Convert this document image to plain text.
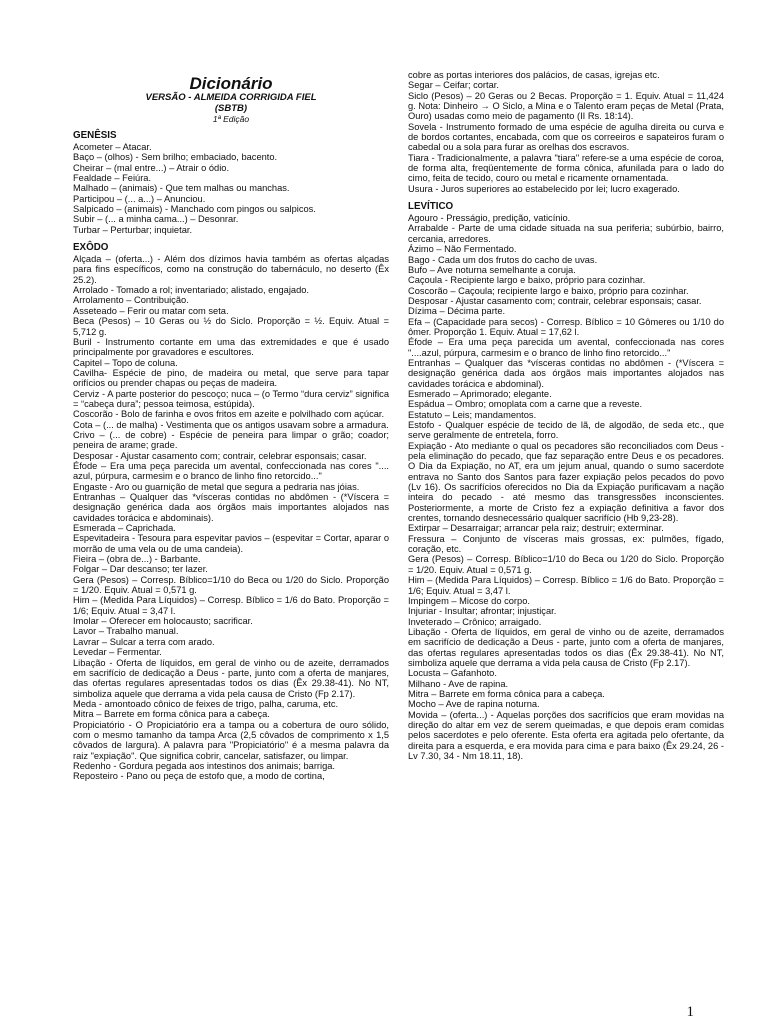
Dicionário
VERSÃO - ALMEIDA CORRIGIDA FIEL
(SBTB)
1ª Edição
GENÊSIS
Acometer – Atacar.
Baço – (olhos) - Sem brilho; embaciado, bacento.
Cheirar – (mal entre...) – Atrair o ódio.
Fealdade – Feiúra.
Malhado – (animais) - Que tem malhas ou manchas.
Participou – (... a...) – Anunciou.
Salpicado – (animais) - Manchado com pingos ou salpicos.
Subir – (... a minha cama...) – Desonrar.
Turbar – Perturbar; inquietar.
EXÔDO
Alçada – (oferta...) - Além dos dízimos havia também as ofertas alçadas para fins específicos, como na construção do tabernáculo, no deserto (Êx 25.2).
Arrolado - Tomado a rol; inventariado; alistado, engajado.
Arrolamento – Contribuição.
Asseteado – Ferir ou matar com seta.
Beca (Pesos) – 10 Geras ou ½ do Siclo. Proporção = ½. Equiv. Atual = 5,712 g.
Buril - Instrumento cortante em uma das extremidades e que é usado principalmente por gravadores e escultores.
Capitel – Topo de coluna.
Cavilha- Espécie de pino, de madeira ou metal, que serve para tapar orifícios ou prender chapas ou peças de madeira.
Cerviz - A parte posterior do pescoço; nuca – (o Termo “dura cerviz” significa = “cabeça dura”; pessoa teimosa, estúpida).
Coscorão - Bolo de farinha e ovos fritos em azeite e polvilhado com açúcar.
Cota – (... de malha) - Vestimenta que os antigos usavam sobre a armadura.
Crivo – (... de cobre) - Espécie de peneira para limpar o grão; coador; peneira de arame; grade.
Desposar - Ajustar casamento com; contrair, celebrar esponsais; casar.
Éfode – Era uma peça parecida um avental, confeccionada nas cores ".... azul, púrpura, carmesim e o branco de linho fino retorcido..."
Engaste - Aro ou guarnição de metal que segura a pedraria nas jóias.
Entranhas – Qualquer das *vísceras contidas no abdômen - (*Víscera = designação genérica dada aos órgãos mais importantes alojados nas cavidades torácica e abdominais).
Esmerada – Caprichada.
Espevitadeira - Tesoura para espevitar pavios – (espevitar = Cortar, aparar o morrão de uma vela ou de uma candeia).
Fieira – (obra de...) - Barbante.
Folgar – Dar descanso; ter lazer.
Gera (Pesos) – Corresp. Bíblico=1/10 do Beca ou 1/20 do Siclo. Proporção = 1/20. Equiv. Atual = 0,571 g.
Him – (Medida Para Líquidos) – Corresp. Bíblico = 1/6 do Bato. Proporção = 1/6; Equiv. Atual = 3,47 l.
Imolar – Oferecer em holocausto; sacrificar.
Lavor – Trabalho manual.
Lavrar – Sulcar a terra com arado.
Levedar – Fermentar.
Libação - Oferta de líquidos, em geral de vinho ou de azeite, derramados em sacrifício de dedicação a Deus - parte, junto com a oferta de manjares, das ofertas regulares apresentadas todos os dias (Êx 29.38-41). No NT, simboliza aquele que derrama a vida pela causa de Cristo (Fp 2.17).
Meda - amontoado cônico de feixes de trigo, palha, caruma, etc.
Mitra – Barrete em forma cônica para a cabeça.
Propiciatório - O Propiciatório era a tampa ou a cobertura de ouro sólido, com o mesmo tamanho da tampa Arca (2,5 côvados de comprimento x 1,5 côvados de largura). A palavra para "Propiciatório" é a mesma palavra da raiz "expiação". Que significa cobrir, cancelar, satisfazer, ou limpar.
Redenho - Gordura pegada aos intestinos dos animais; barriga.
Reposteiro - Pano ou peça de estofo que, a modo de cortina,
cobre as portas interiores dos palácios, de casas, igrejas etc.
Segar – Ceifar; cortar.
Siclo (Pesos) – 20 Geras ou 2 Becas. Proporção = 1. Equiv. Atual = 11,424 g. Nota: Dinheiro → O Siclo, a Mina e o Talento eram peças de Metal (Prata, Ouro) usadas como meio de pagamento (II Rs. 18:14).
Sovela - Instrumento formado de uma espécie de agulha direita ou curva e de bordos cortantes, encabada, com que os correeiros e sapateiros furam o cabedal ou a sola para furar as orelhas dos escravos.
Tiara - Tradicionalmente, a palavra "tiara" refere-se a uma espécie de coroa, de forma alta, freqüentemente de forma cônica, afunilada para o lado do cimo, feita de tecido, couro ou metal e ricamente ornamentada.
Usura - Juros superiores ao estabelecido por lei; lucro exagerado.
LEVÍTICO
Agouro - Presságio, predição, vaticínio.
Arrabalde - Parte de uma cidade situada na sua periferia; subúrbio, bairro, cercania, arredores.
Ázimo – Não Fermentado.
Bago - Cada um dos frutos do cacho de uvas.
Bufo – Ave noturna semelhante a coruja.
Caçoula - Recipiente largo e baixo, próprio para cozinhar.
Coscorão – Caçoula; recipiente largo e baixo, próprio para cozinhar.
Desposar - Ajustar casamento com; contrair, celebrar esponsais; casar.
Dízima – Décima parte.
Efa – (Capacidade para secos) - Corresp. Bíblico = 10 Gômeres ou 1/10 do ômer. Proporção 1. Equiv. Atual = 17,62 l.
Éfode – Era uma peça parecida um avental, confeccionada nas cores "....azul, púrpura, carmesim e o branco de linho fino retorcido..."
Entranhas – Qualquer das *vísceras contidas no abdômen - (*Víscera = designação genérica dada aos órgãos mais importantes alojados nas cavidades torácica e abdominal).
Esmerado – Aprimorado; elegante.
Espádua – Ombro; omoplata com a carne que a reveste.
Estatuto – Leis; mandamentos.
Estofo - Qualquer espécie de tecido de lã, de algodão, de seda etc., que serve geralmente de entretela, forro.
Expiação - Ato mediante o qual os pecadores são reconciliados com Deus - pela eliminação do pecado, que faz separação entre Deus e os pecadores. O Dia da Expiação, no AT, era um jejum anual, quando o sumo sacerdote entrava no Santo dos Santos para fazer expiação pelos pecados do povo (Lv 16). Os sacrifícios oferecidos no Dia da Expiação purificavam a nação inteira do pecado - até mesmo das transgressões inconscientes. Posteriormente, a morte de Cristo fez a expiação definitiva a favor dos crentes, tornando desnecessário qualquer sacrifício (Hb 9,23-28).
Extirpar – Desarraigar; arrancar pela raiz; destruir; exterminar.
Fressura – Conjunto de vísceras mais grossas, ex: pulmões, fígado, coração, etc.
Gera (Pesos) – Corresp. Bíblico=1/10 do Beca ou 1/20 do Siclo. Proporção = 1/20. Equiv. Atual = 0,571 g.
Him – (Medida Para Líquidos) – Corresp. Bíblico = 1/6 do Bato. Proporção = 1/6; Equiv. Atual = 3,47 l.
Impingem – Micose do corpo.
Injuriar - Insultar; afrontar; injustiçar.
Inveterado – Crônico; arraigado.
Libação - Oferta de líquidos, em geral de vinho ou de azeite, derramados em sacrifício de dedicação a Deus - parte, junto com a oferta de manjares, das ofertas regulares apresentadas todos os dias (Êx 29.38-41). No NT, simboliza aquele que derrama a vida pela causa de Cristo (Fp 2.17).
Locusta – Gafanhoto.
Milhano - Ave de rapina.
Mitra – Barrete em forma cônica para a cabeça.
Mocho – Ave de rapina noturna.
Movida – (oferta...) - Aquelas porções dos sacrifícios que eram movidas na direção do altar em vez de serem queimadas, e que depois eram comidas pelos sacerdotes e pelo oferente. Esta oferta era agitada pelo ofertante, da direita para a esquerda, e era movida para cima e para baixo (Êx 29.24, 26 - Lv 7.30, 34 - Nm 18.11, 18).
1
